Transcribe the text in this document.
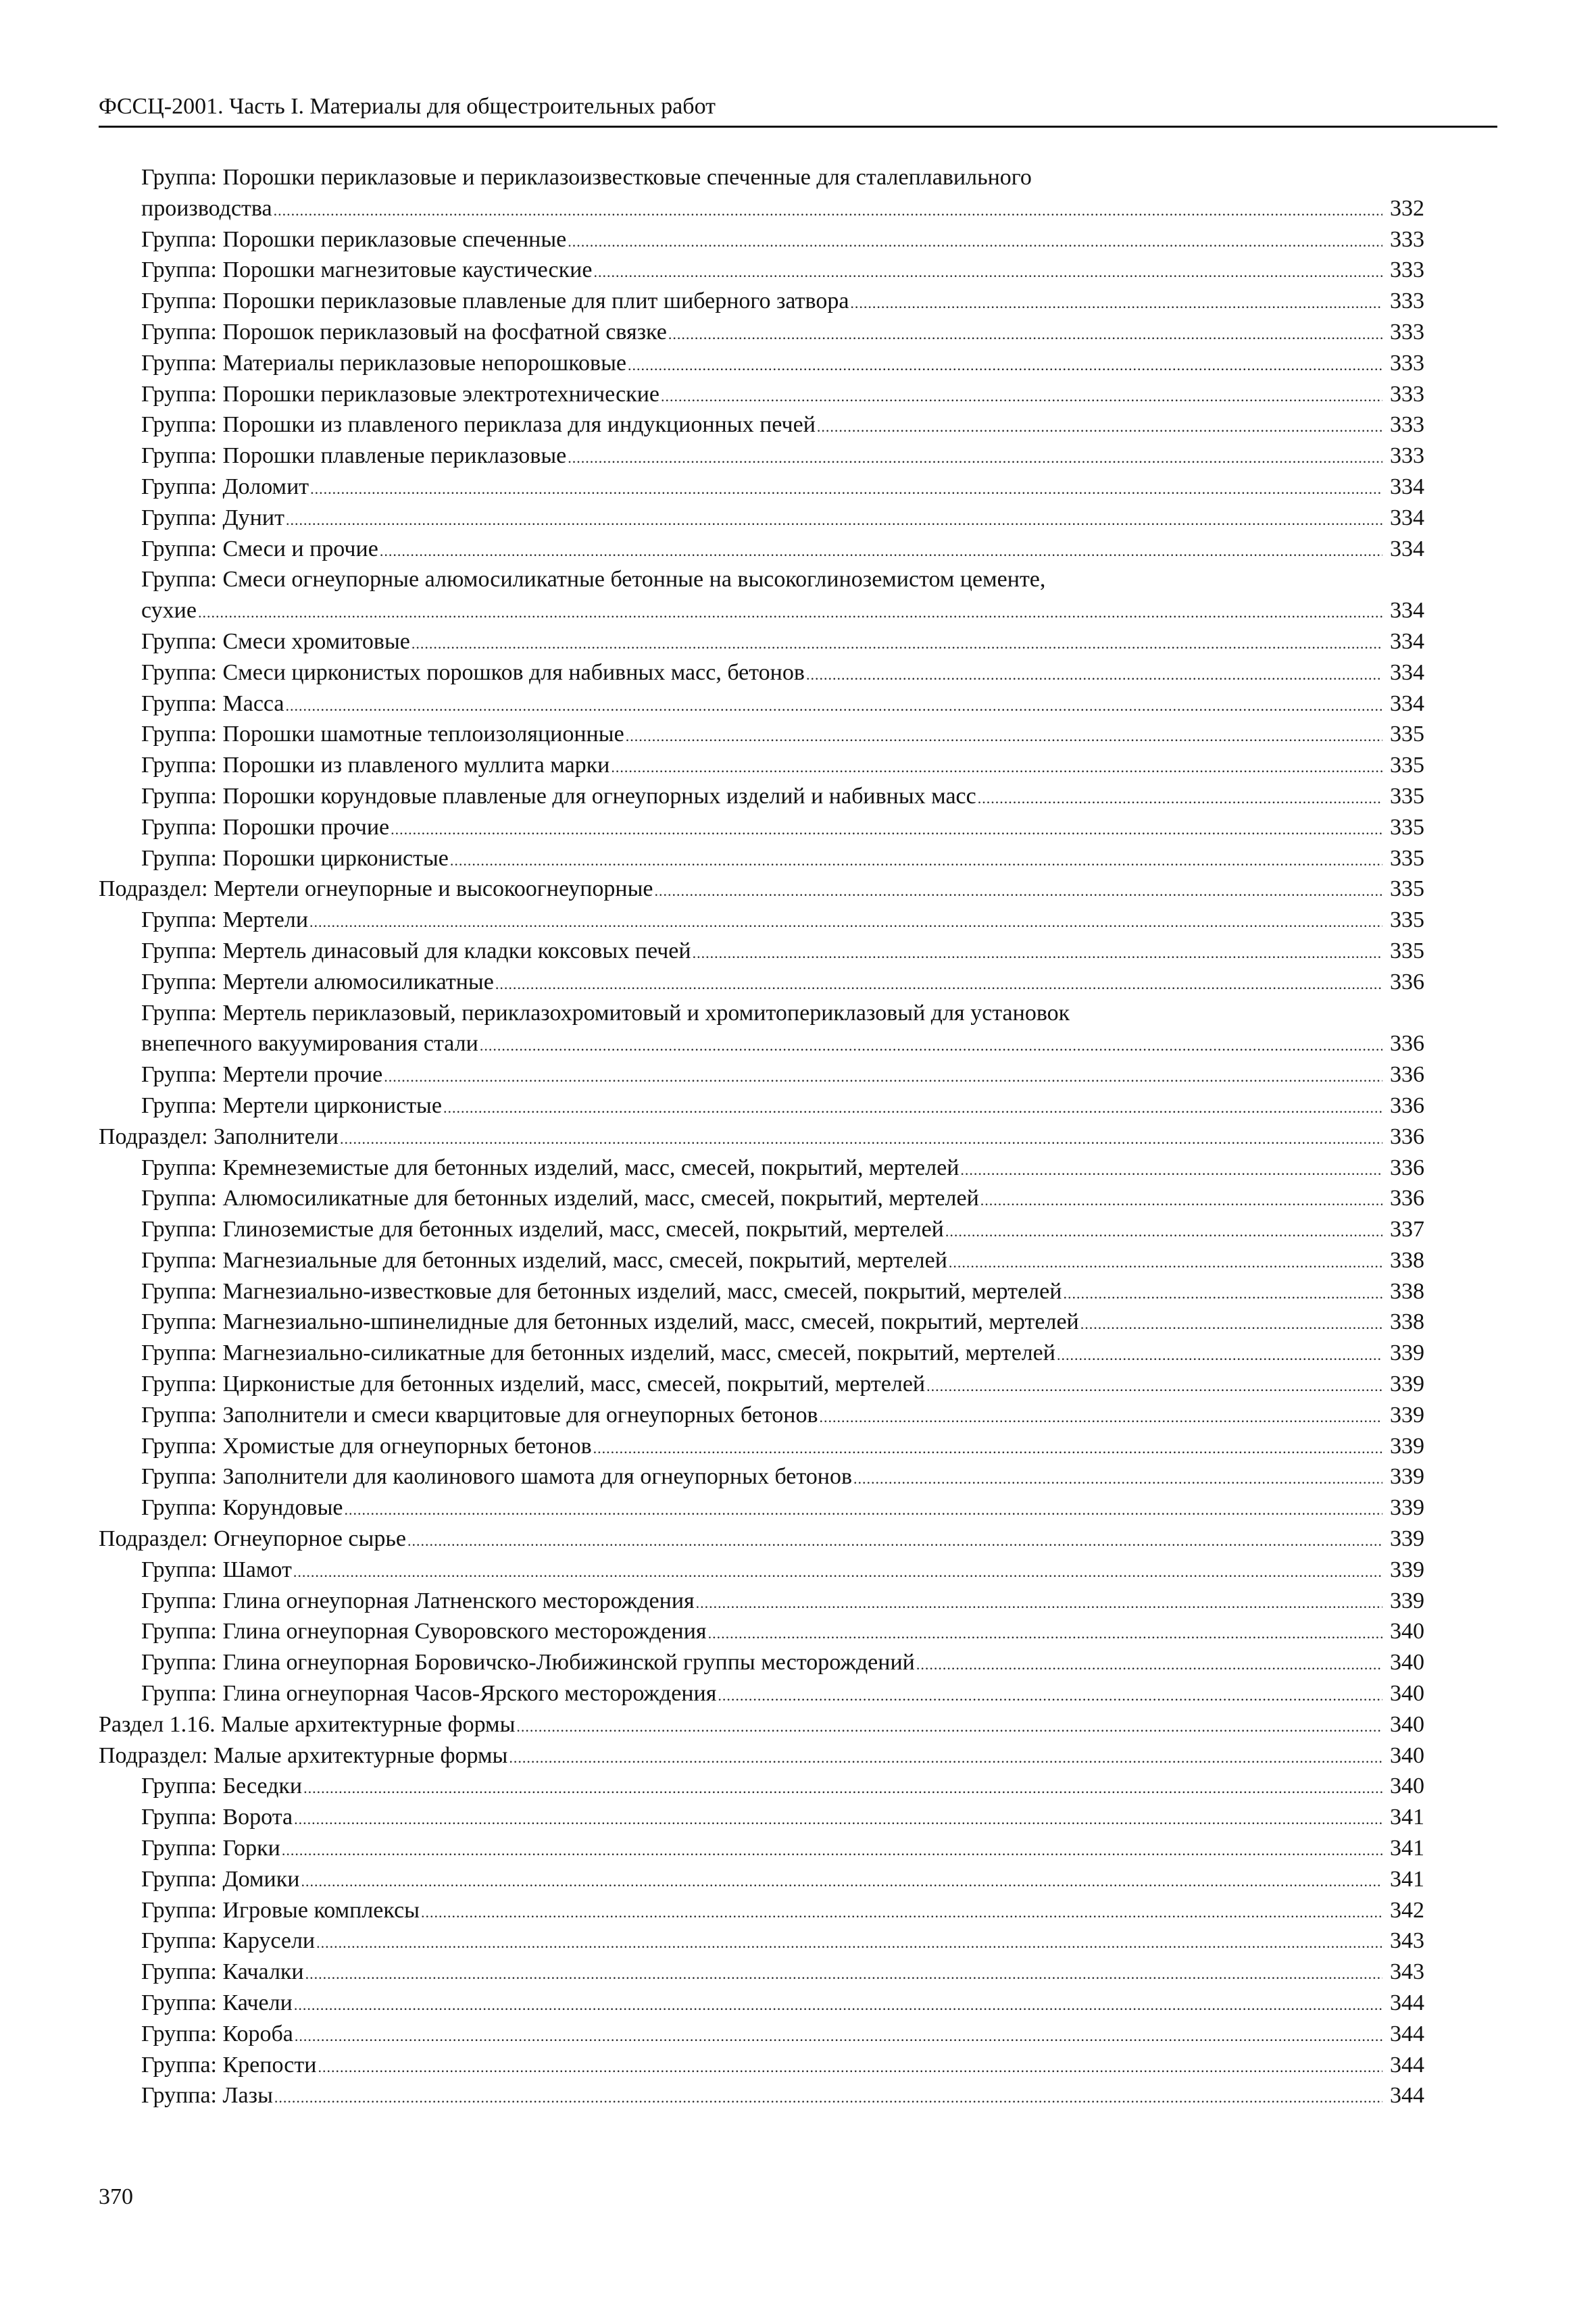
ФССЦ-2001. Часть I. Материалы для общестроительных работ
Группа: Порошки периклазовые и периклазоизвестковые спеченные для сталеплавильного
производства .....	332
Группа: Порошки периклазовые спеченные .....	333
Группа: Порошки магнезитовые каустические .....	333
Группа: Порошки периклазовые плавленые для плит шиберного затвора .....	333
Группа: Порошок периклазовый на фосфатной связке .....	333
Группа: Материалы периклазовые непорошковые .....	333
Группа: Порошки периклазовые электротехнические .....	333
Группа: Порошки из плавленого периклаза для индукционных печей .....	333
Группа: Порошки плавленые периклазовые .....	333
Группа: Доломит .....	334
Группа: Дунит .....	334
Группа: Смеси и прочие .....	334
Группа: Смеси огнеупорные алюмосиликатные бетонные на высокоглиноземистом цементе,
сухие .....	334
Группа: Смеси хромитовые .....	334
Группа: Смеси цирконистых порошков для набивных масс, бетонов .....	334
Группа: Масса .....	334
Группа: Порошки шамотные теплоизоляционные .....	335
Группа: Порошки из плавленого муллита марки .....	335
Группа: Порошки корундовые плавленые для огнеупорных изделий и набивных масс .....	335
Группа: Порошки прочие .....	335
Группа: Порошки цирконистые .....	335
Подраздел: Мертели огнеупорные и высокоогнеупорные .....	335
Группа: Мертели .....	335
Группа: Мертель динасовый для кладки коксовых печей .....	335
Группа: Мертели алюмосиликатные .....	336
Группа: Мертель периклазовый, периклазохромитовый и хромитопериклазовый для установок
внепечного вакуумирования стали .....	336
Группа: Мертели прочие .....	336
Группа: Мертели цирконистые .....	336
Подраздел: Заполнители .....	336
Группа: Кремнеземистые для бетонных изделий, масс, смесей, покрытий, мертелей .....	336
Группа: Алюмосиликатные для бетонных изделий, масс, смесей, покрытий, мертелей .....	336
Группа: Глиноземистые для бетонных изделий, масс, смесей, покрытий, мертелей .....	337
Группа: Магнезиальные для бетонных изделий, масс, смесей, покрытий, мертелей .....	338
Группа: Магнезиально-известковые для бетонных изделий, масс, смесей, покрытий, мертелей .....	338
Группа: Магнезиально-шпинелидные для бетонных изделий, масс, смесей, покрытий, мертелей .....	338
Группа: Магнезиально-силикатные для бетонных изделий, масс, смесей, покрытий, мертелей .....	339
Группа: Цирконистые для бетонных изделий, масс, смесей, покрытий, мертелей .....	339
Группа: Заполнители и смеси кварцитовые для огнеупорных бетонов .....	339
Группа: Хромистые для огнеупорных бетонов .....	339
Группа: Заполнители для каолинового шамота для огнеупорных бетонов .....	339
Группа: Корундовые .....	339
Подраздел: Огнеупорное сырье .....	339
Группа: Шамот .....	339
Группа: Глина огнеупорная Латненского месторождения .....	339
Группа: Глина огнеупорная Суворовского месторождения .....	340
Группа: Глина огнеупорная Боровичско-Любижинской группы месторождений .....	340
Группа: Глина огнеупорная Часов-Ярского месторождения .....	340
Раздел 1.16. Малые архитектурные формы .....	340
Подраздел: Малые архитектурные формы .....	340
Группа: Беседки .....	340
Группа: Ворота .....	341
Группа: Горки .....	341
Группа: Домики .....	341
Группа: Игровые комплексы .....	342
Группа: Карусели .....	343
Группа: Качалки .....	343
Группа: Качели .....	344
Группа: Короба .....	344
Группа: Крепости .....	344
Группа: Лазы .....	344
370
